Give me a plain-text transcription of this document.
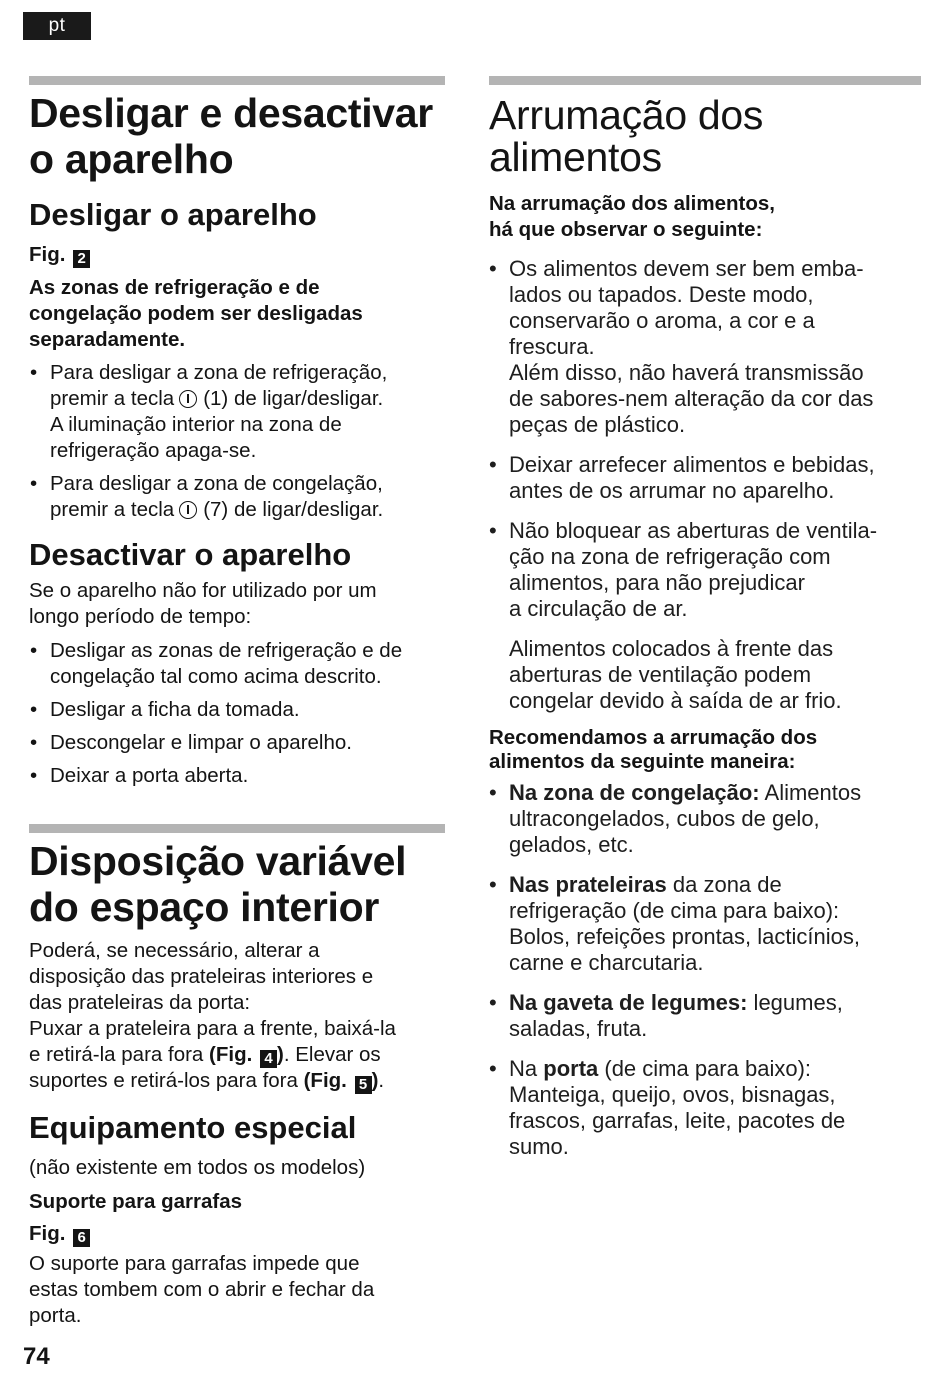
pt
Desligar e desactivar
o aparelho
Desligar o aparelho
Fig. 2
As zonas de refrigeração e de
congelação podem ser desligadas
separadamente.
• Para desligar a zona de refrigeração,
premir a tecla (1) de ligar/desligar.
A iluminação interior na zona de
refrigeração apaga-se.
• Para desligar a zona de congelação,
premir a tecla (7) de ligar/desligar.
Desactivar o aparelho
Se o aparelho não for utilizado por um
longo período de tempo:
• Desligar as zonas de refrigeração e de
congelação tal como acima descrito.
• Desligar a ficha da tomada.
• Descongelar e limpar o aparelho.
• Deixar a porta aberta.
Disposição variável
do espaço interior
Poderá, se necessário, alterar a
disposição das prateleiras interiores e
das prateleiras da porta:
Puxar a prateleira para a frente, baixá-la
e retirá-la para fora (Fig. 4 ). Elevar os
suportes e retirá-los para fora (Fig. 5 ).
Equipamento especial
(não existente em todos os modelos)
Suporte para garrafas
Fig. 6
O suporte para garrafas impede que
estas tombem com o abrir e fechar da
porta.
Arrumação dos
alimentos
Na arrumação dos alimentos,
há que observar o seguinte:
• Os alimentos devem ser bem emba-
lados ou tapados. Deste modo,
conservarão o aroma, a cor e a
frescura.
Além disso, não haverá transmissão
de sabores-nem alteração da cor das
peças de plástico.
• Deixar arrefecer alimentos e bebidas,
antes de os arrumar no aparelho.
• Não bloquear as aberturas de ventila-
ção na zona de refrigeração com
alimentos, para não prejudicar
a circulação de ar.
Alimentos colocados à frente das
aberturas de ventilação podem
congelar devido à saída de ar frio.
Recomendamos a arrumação dos
alimentos da seguinte maneira:
• Na zona de congelação: Alimentos
ultracongelados, cubos de gelo,
gelados, etc.
• Nas prateleiras da zona de
refrigeração (de cima para baixo):
Bolos, refeições prontas, lacticínios,
carne e charcutaria.
• Na gaveta de legumes: legumes,
saladas, fruta.
• Na porta (de cima para baixo):
Manteiga, queijo, ovos, bisnagas,
frascos, garrafas, leite, pacotes de
sumo.
74
